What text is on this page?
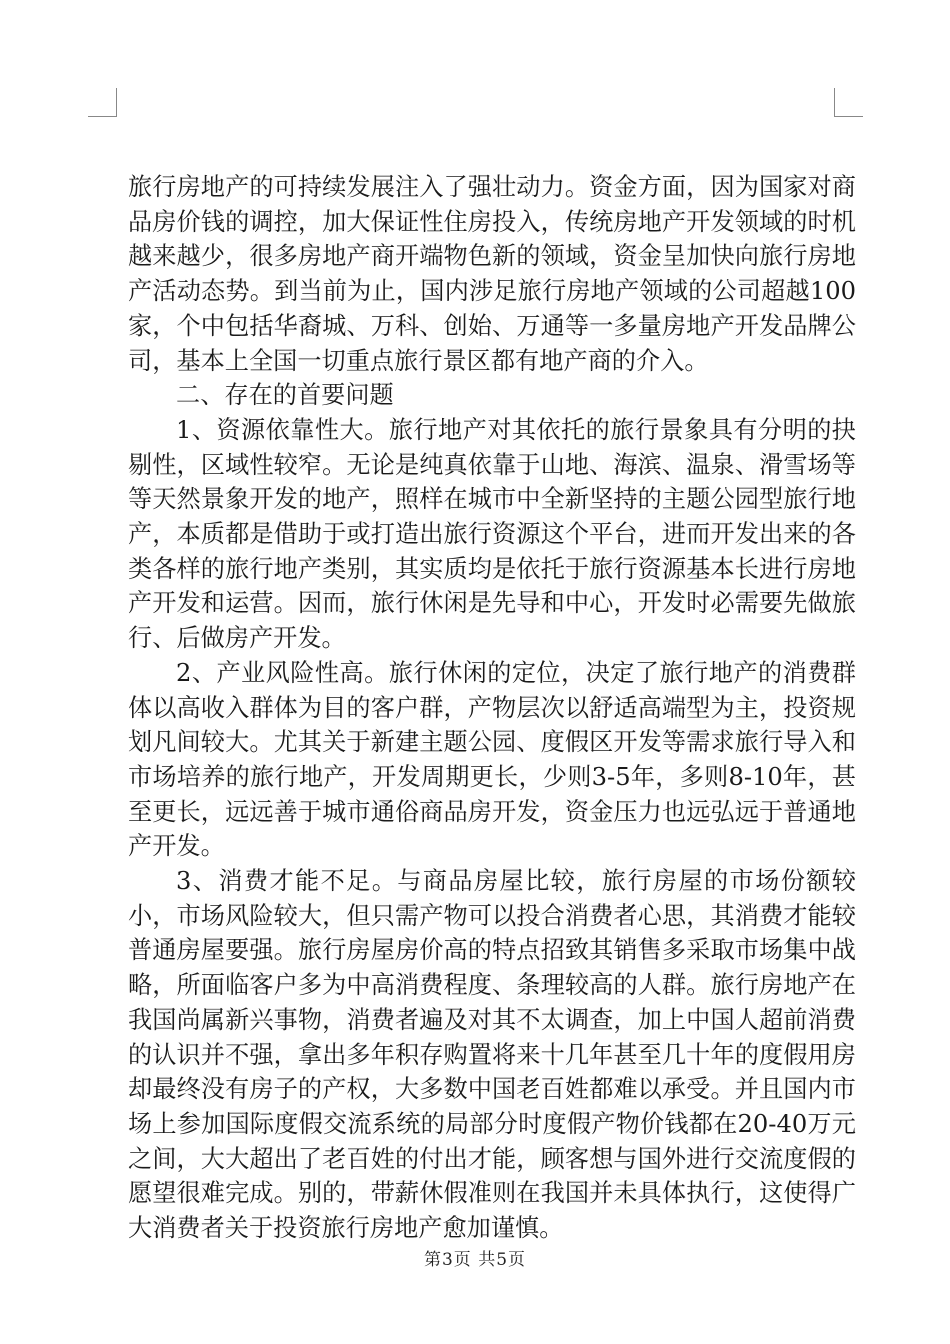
旅行房地产的可持续发展注入了强壮动力。资金方面，因为国家对商品房价钱的调控，加大保证性住房投入，传统房地产开发领域的时机越来越少，很多房地产商开端物色新的领域，资金呈加快向旅行房地产活动态势。到当前为止，国内涉足旅行房地产领域的公司超越100家，个中包括华裔城、万科、创始、万通等一多量房地产开发品牌公司，基本上全国一切重点旅行景区都有地产商的介入。

二、存在的首要问题

1、资源依靠性大。旅行地产对其依托的旅行景象具有分明的抉剔性，区域性较窄。无论是纯真依靠于山地、海滨、温泉、滑雪场等等天然景象开发的地产，照样在城市中全新坚持的主题公园型旅行地产，本质都是借助于或打造出旅行资源这个平台，进而开发出来的各类各样的旅行地产类别，其实质均是依托于旅行资源基本长进行房地产开发和运营。因而，旅行休闲是先导和中心，开发时必需要先做旅行、后做房产开发。

2、产业风险性高。旅行休闲的定位，决定了旅行地产的消费群体以高收入群体为目的客户群，产物层次以舒适高端型为主，投资规划凡间较大。尤其关于新建主题公园、度假区开发等需求旅行导入和市场培养的旅行地产，开发周期更长，少则3-5年，多则8-10年，甚至更长，远远善于城市通俗商品房开发，资金压力也远弘远于普通地产开发。

3、消费才能不足。与商品房屋比较，旅行房屋的市场份额较小，市场风险较大，但只需产物可以投合消费者心思，其消费才能较普通房屋要强。旅行房屋房价高的特点招致其销售多采取市场集中战略，所面临客户多为中高消费程度、条理较高的人群。旅行房地产在我国尚属新兴事物，消费者遍及对其不太调查，加上中国人超前消费的认识并不强，拿出多年积存购置将来十几年甚至几十年的度假用房却最终没有房子的产权，大多数中国老百姓都难以承受。并且国内市场上参加国际度假交流系统的局部分时度假产物价钱都在20-40万元之间，大大超出了老百姓的付出才能，顾客想与国外进行交流度假的愿望很难完成。别的，带薪休假准则在我国并未具体执行，这使得广大消费者关于投资旅行房地产愈加谨慎。

第3页 共5页
